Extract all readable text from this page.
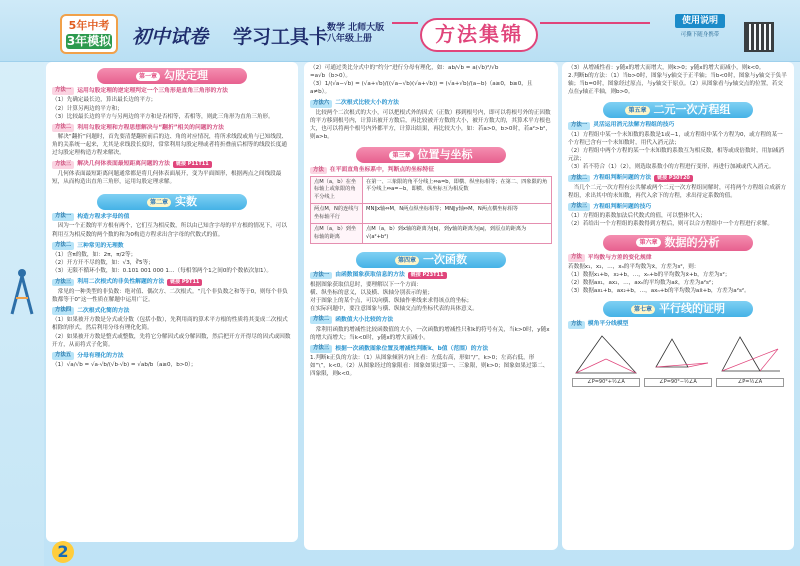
5年中考
3年模拟 初中试卷 学习工具卡
数学 北师大版
八年级上册	方法集锦
使用说明
可撕下随身携带
第一章 勾股定理
方法一	运用勾股定理的逆定理判定一个三角形是直角三角形的方法
（1）先确定最长边，算出最长边的平方；
（2）计算另两边的平方和；
（3）比较最长边的平方与另两边的平方和是否相等，若相等，则此三角形为直角三角形。
方法二	利用勾股定理和方程思想解决与“翻折”相关的问题的方法
解决“翻折”问题时，首先要清楚翻折前后的边、角的对应情况，将所求线段或角与已知线段、角的关系统一起来，尤其是求线段长度时，常常利用勾股定理或者将折叠前后相等的线段长度通过勾股定理构造方程来解决。
方法三	解决几何体表面最短距离问题的方法	链接 P11T11
几何体表面最短距离问题通常都是将几何体表面展开，变为平面图形，根据两点之间线段最短，从而构造出直角三角形，运用勾股定理求解。
第二章 实数
方法一	构造方程求字母的值
因为一个正数的平方根有两个，它们互为相反数，所以由已知含字母的平方根的情况下，可以利用互为相反数的两个数的和为0构造方程求出含字母的代数式的值。
方法二	三种常见的无理数
（1）含π的数，如：2π，π/2等；
（2）开方开不尽的数，如：√3，∛5等；
（3）无限不循环小数，如：0.101 001 000 1…（每相邻两个1之间0的个数依次加1）。
方法三	利用二次根式的非负性解题的方法	链接 P9T11
常见的一种类型的非负数：绝对值、偶次方、二次根式。“几个非负数之和等于0，则每个非负数都等于0”这一性质在解题中运用广泛。
方法四	二次根式化简的方法
（1）如果被开方数是分式或分数（包括小数），先利用商的算术平方根的性质将其变成二次根式相除的形式，然后利用分母有理化化简。
（2）如果被开方数是整式或整数，先将它分解因式或分解因数，然后把开方开得尽的因式或因数开方，从而将式子化简。
方法五	分母有理化的方法
（1）√a/√b = √a·√b/(√b·√b) = √ab/b（a≥0，b>0）；
2
（2）可通过类比分式中的“约分”进行分母有理化，如：ab/√b = a(√b)²/√b
=a√b（b>0）。
（3）1/(√a−√b) = (√a+√b)/((√a−√b)(√a+√b)) = (√a+√b)/(a−b)（a≥0，b≥0，且a≠b）。
方法六	二次根式比较大小的方法
比较两个二次根式的大小，可以把根式外的因式（正数）移到根号内，即可以将根号外的正因数的平方移到根号内，计算出被开方数后，再比较被开方数的大小，被开方数大的，其算术平方根也大，也可以将两个根号内外都平方，计算出结果，再比较大小，如：若a>0，b>0时，若a²>b²，则a>b。
第三章 位置与坐标
方法	在平面直角坐标系中，判断点的坐标特征
点M（a，b）在坐标轴上或象限的角平分线上	在第一、三象限的角平分线上⇔a=b，即横、纵坐标相等；在第二、四象限的角平分线上⇔a=−b，即横、纵坐标互为相反数
两点M，N的连线与坐标轴平行	MN∥x轴⇔M，N两点纵坐标相等；MN∥y轴⇔M，N两点横坐标相等
点M（a，b）到坐标轴的距离	点M（a，b）到x轴的距离为|b|，到y轴的距离为|a|，到原点的距离为√(a²+b²)
第四章 一次函数
方法一	由函数图象获取信息的方法	链接 P23T11
根据图象获取信息时，要理解以下一个方面：
横、纵坐标的意义，以及横、纵轴分别表示的量；
对于图象上的某个点，可以向横、纵轴作垂线来求得该点的坐标；
在实际问题中，要注意图象与横、纵轴交点的坐标代表的具体意义。
方法二	函数值大小比较的方法
常利用函数的增减性比较函数值的大小，一次函数的增减性只和k的符号有关，当k>0时，y随x的增大而增大；当k<0时，y随x的增大而减小。
方法三	根据一次函数图象位置及增减性判断k、b值（范围）的方法
1.判断k正负的方法：（1）从图象倾斜方向上看：左低右高，形如“/”，k>0；左高右低，形如“\”，k<0。（2）从图象经过的象限看：图象如果过第一、三象限，则k>0；图象如果过第二、四象限，则k<0。
（3）从增减性看：y随x的增大而增大，则k>0；y随x的增大而减小，则k<0。
2.判断b的方法：（1）当b>0时，图象与y轴交于正半轴；当b<0时，图象与y轴交于负半轴；当b=0时，图象经过原点，与y轴交于原点。（2）从图象看与y轴交点的位置，若交点在y轴正半轴，则b>0。
第五章 二元一次方程组
方法一	灵活运用消元法解方程组的技巧
（1）方程组中某一个未知数的系数是1或−1，或方程组中某个方程为0，或方程的某一个方程已含有一个未知数时，用代入消元法；
（2）方程组中两个方程的某一个未知数的系数互为相反数，相等或成倍数时，用加减消元法；
（3）若不符合（1）（2），则选取系数小的方程进行变形，再进行加减或代入消元。
方法二	方程组判断问题的方法	链接 P30T20
当几个二元一次方程有公共解或两个二元一次方程组同解时，可将两个方程组合成新方程组，求出其中的未知数，再代入余下的方程，求出待定系数的值。
方法三	方程组判断问题的技巧
（1）方程组的系数加法后代数式的值，可以整体代入；
（2）若给出一个方程组的系数得到方程后，则可以合方程组中一个方程进行求解。
第六章 数据的分析
方法	平均数与方差的变化规律
若数据x₁，x₂，…，xₙ的平均数为x̄，方差为s²，则：
（1）数据x₁+b，x₂+b，…，xₙ+b的平均数为x̄+b，方差为s²；
（2）数据ax₁，ax₂，…，axₙ的平均数为ax̄，方差为a²s²；
（3）数据ax₁+b，ax₂+b，…，axₙ+b的平均数为ax̄+b，方差为a²s²。
第七章 平行线的证明
方法	模角平分线模型
∠P=90°+½∠A	∠P=90°−½∠A	∠P=½∠A
